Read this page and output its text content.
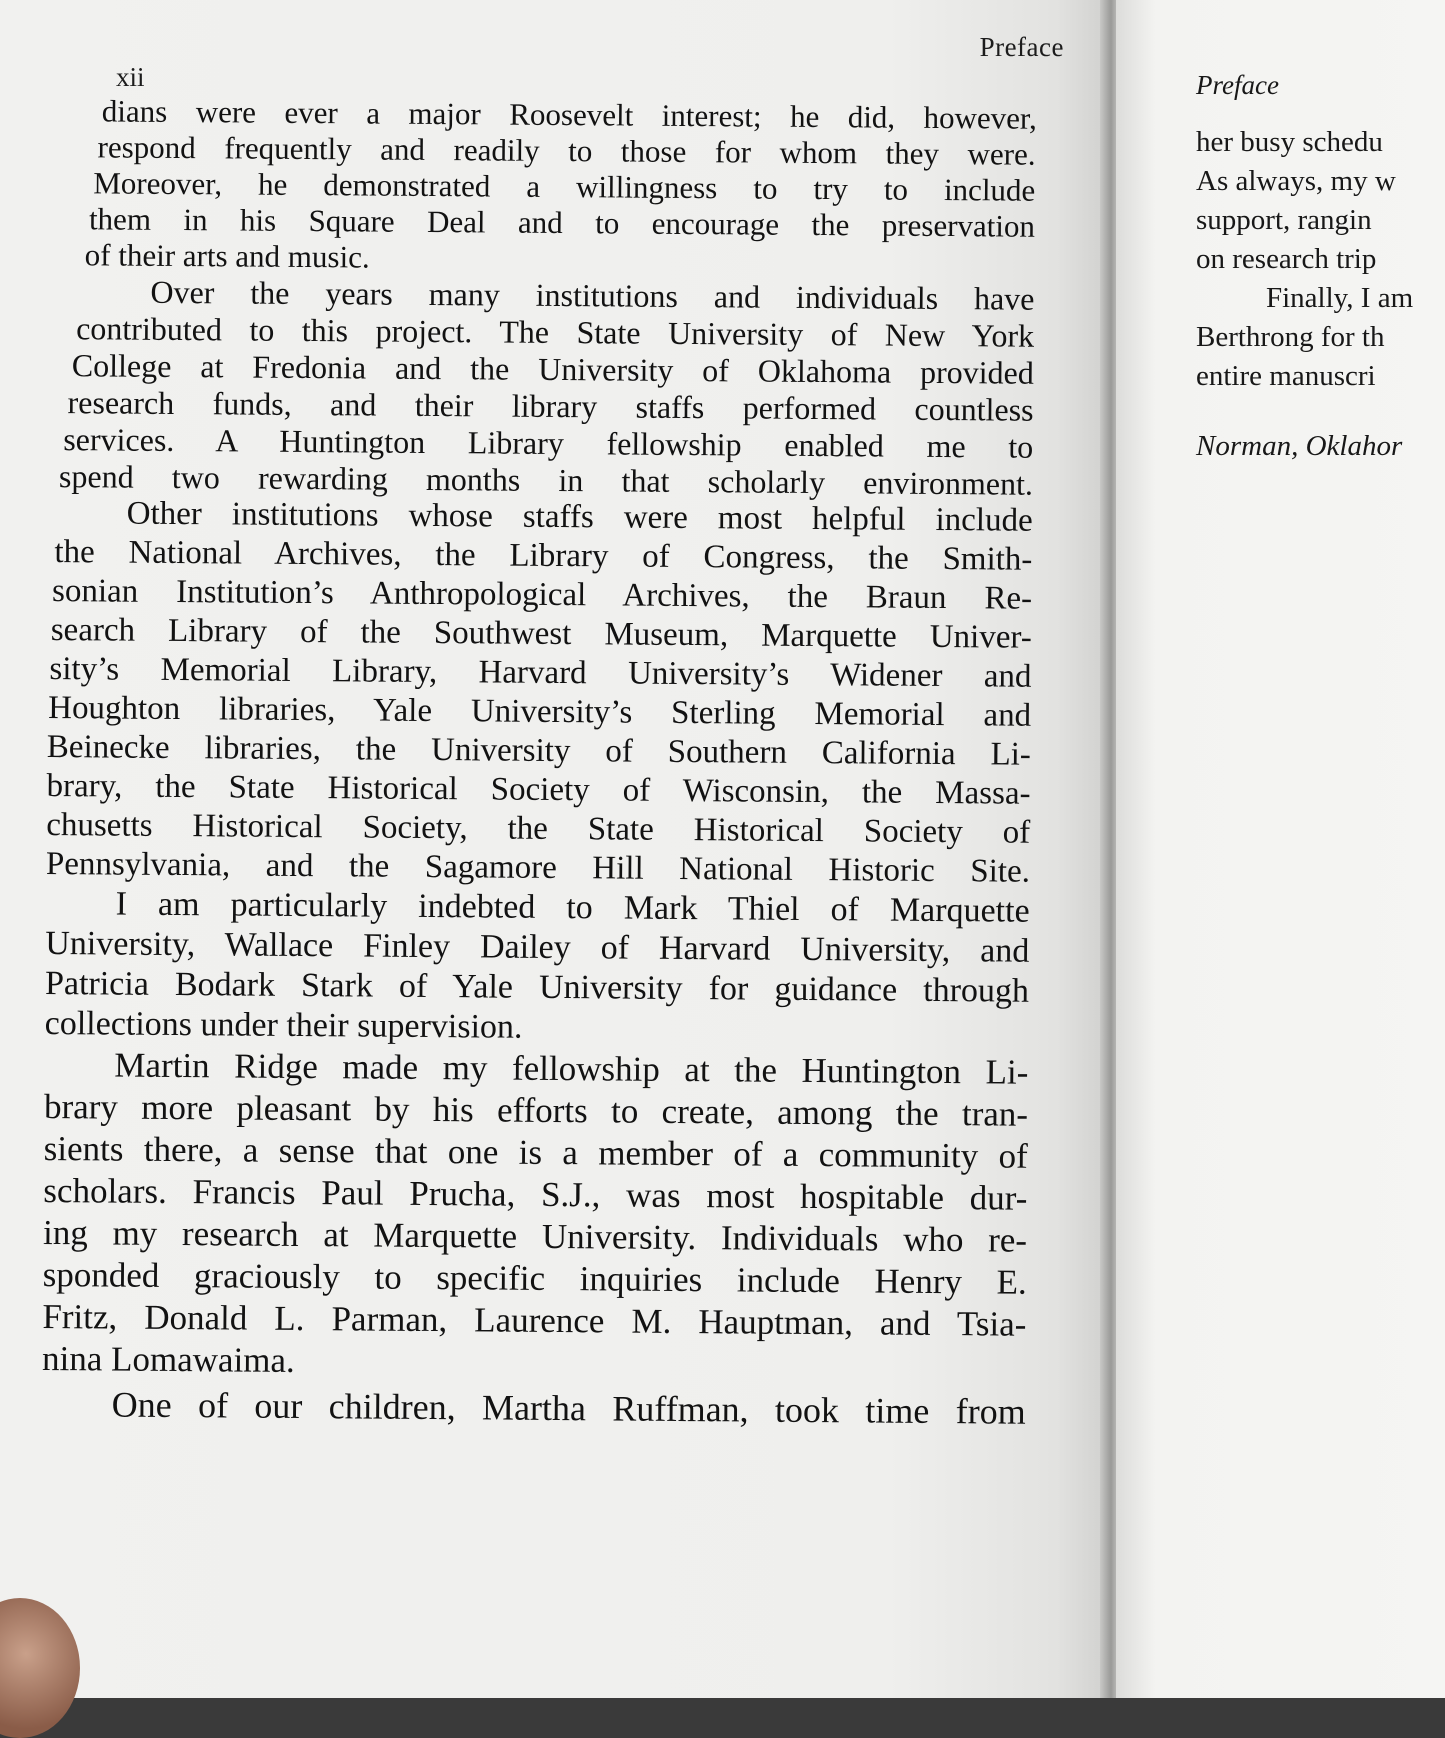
Preface
xii
dians were ever a major Roosevelt interest; he did, however,
respond frequently and readily to those for whom they were.
Moreover, he demonstrated a willingness to try to include
them in his Square Deal and to encourage the preservation
of their arts and music.
Over the years many institutions and individuals have
contributed to this project. The State University of New York
College at Fredonia and the University of Oklahoma provided
research funds, and their library staffs performed countless
services. A Huntington Library fellowship enabled me to
spend two rewarding months in that scholarly environment.
Other institutions whose staffs were most helpful include
the National Archives, the Library of Congress, the Smith-
sonian Institution’s Anthropological Archives, the Braun Re-
search Library of the Southwest Museum, Marquette Univer-
sity’s Memorial Library, Harvard University’s Widener and
Houghton libraries, Yale University’s Sterling Memorial and
Beinecke libraries, the University of Southern California Li-
brary, the State Historical Society of Wisconsin, the Massa-
chusetts Historical Society, the State Historical Society of
Pennsylvania, and the Sagamore Hill National Historic Site.
I am particularly indebted to Mark Thiel of Marquette
University, Wallace Finley Dailey of Harvard University, and
Patricia Bodark Stark of Yale University for guidance through
collections under their supervision.
Martin Ridge made my fellowship at the Huntington Li-
brary more pleasant by his efforts to create, among the tran-
sients there, a sense that one is a member of a community of
scholars. Francis Paul Prucha, S.J., was most hospitable dur-
ing my research at Marquette University. Individuals who re-
sponded graciously to specific inquiries include Henry E.
Fritz, Donald L. Parman, Laurence M. Hauptman, and Tsia-
nina Lomawaima.
One of our children, Martha Ruffman, took time from
Preface
her busy schedu
As always, my w
support, rangin
on research trip
Finally, I am
Berthrong for th
entire manuscri
Norman, Oklahor
